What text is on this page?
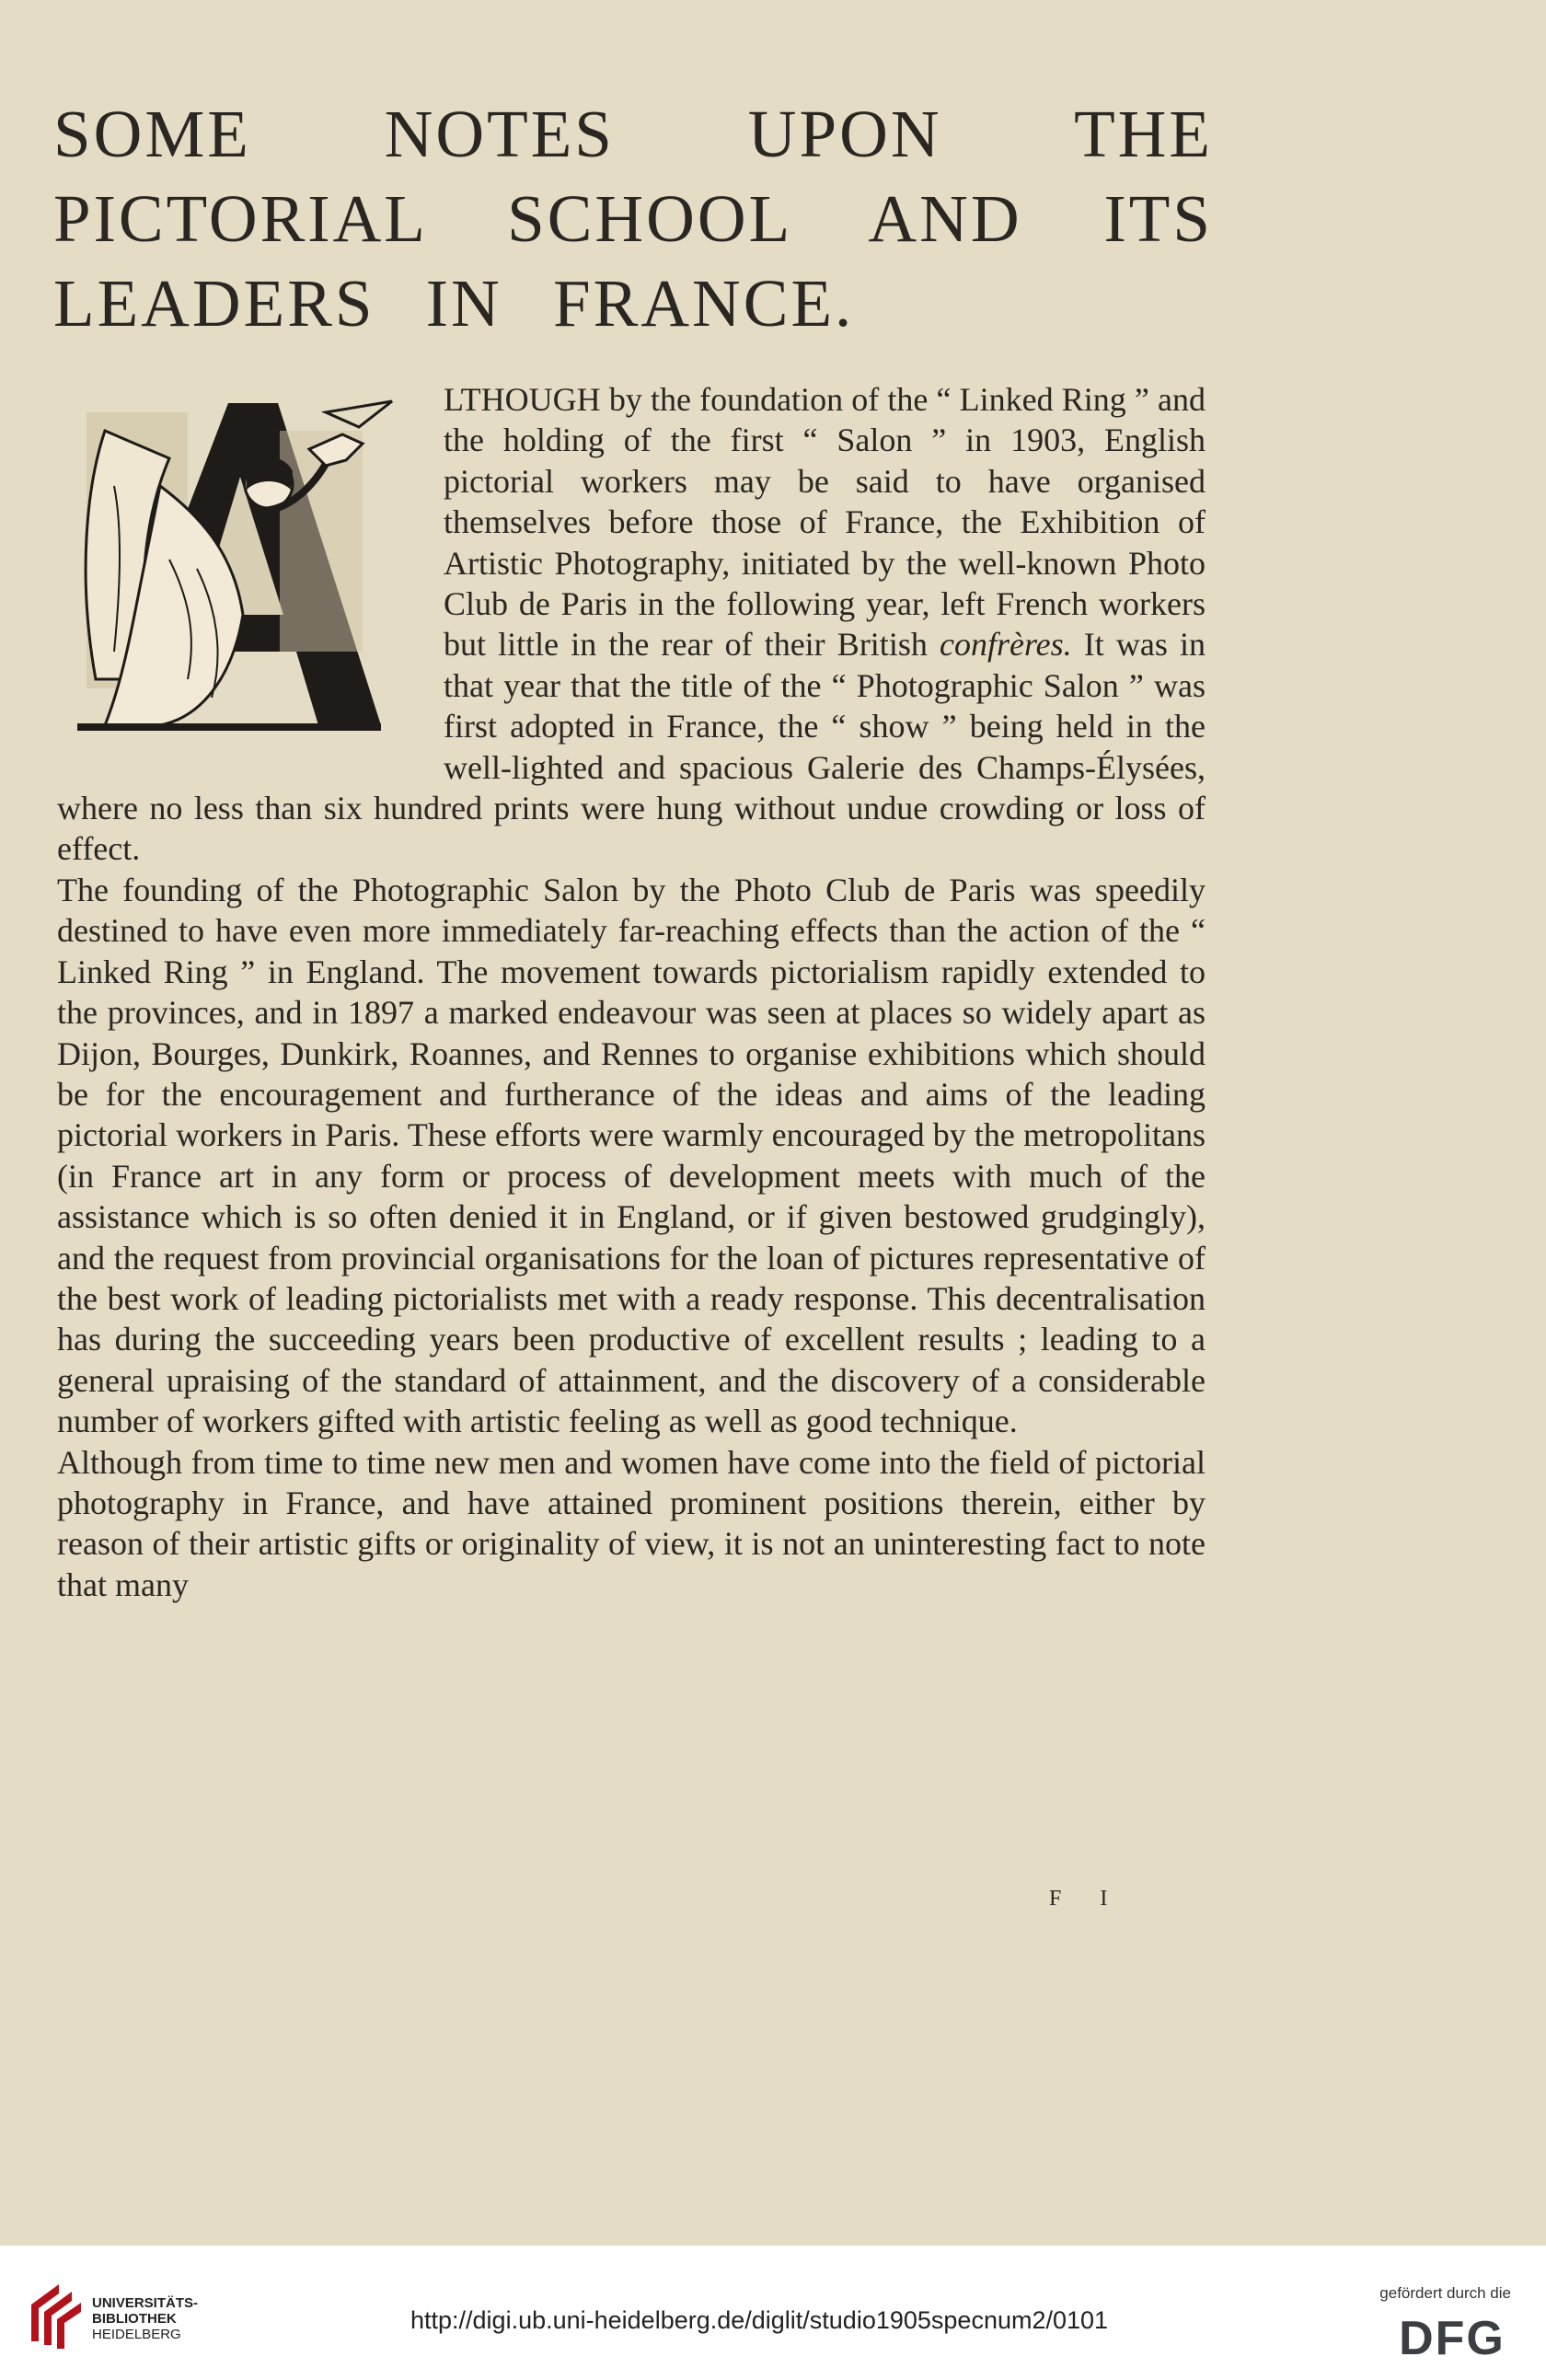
SOME NOTES UPON THE
PICTORIAL SCHOOL AND ITS
LEADERS IN FRANCE.

LTHOUGH by the foundation of the “ Linked Ring ” and the holding of the first “ Salon ” in 1903, English pictorial workers may be said to have organised themselves before those of France, the Exhibition of Artistic Photography, initiated by the well-known Photo Club de Paris in the following year, left French workers but little in the rear of their British confrères. It was in that year that the title of the “ Photographic Salon ” was first adopted in France, the “ show ” being held in the well-lighted and spacious Galerie des Champs-Élysées, where no less than six hundred prints were hung without undue crowding or loss of effect.

The founding of the Photographic Salon by the Photo Club de Paris was speedily destined to have even more immediately far-reaching effects than the action of the “ Linked Ring ” in England. The movement towards pictorialism rapidly extended to the provinces, and in 1897 a marked endeavour was seen at places so widely apart as Dijon, Bourges, Dunkirk, Roannes, and Rennes to organise exhibitions which should be for the encouragement and furtherance of the ideas and aims of the leading pictorial workers in Paris. These efforts were warmly encouraged by the metropolitans (in France art in any form or process of development meets with much of the assistance which is so often denied it in England, or if given bestowed grudgingly), and the request from provincial organisations for the loan of pictures representative of the best work of leading pictorialists met with a ready response. This decentralisation has during the succeeding years been productive of excellent results ; leading to a general upraising of the standard of attainment, and the discovery of a considerable number of workers gifted with artistic feeling as well as good technique.

Although from time to time new men and women have come into the field of pictorial photography in France, and have attained prominent positions therein, either by reason of their artistic gifts or originality of view, it is not an uninteresting fact to note that many

F I
UNIVERSITÄTS-
BIBLIOTHEK
HEIDELBERG
http://digi.ub.uni-heidelberg.de/diglit/studio1905specnum2/0101
gefördert durch die
DFG
